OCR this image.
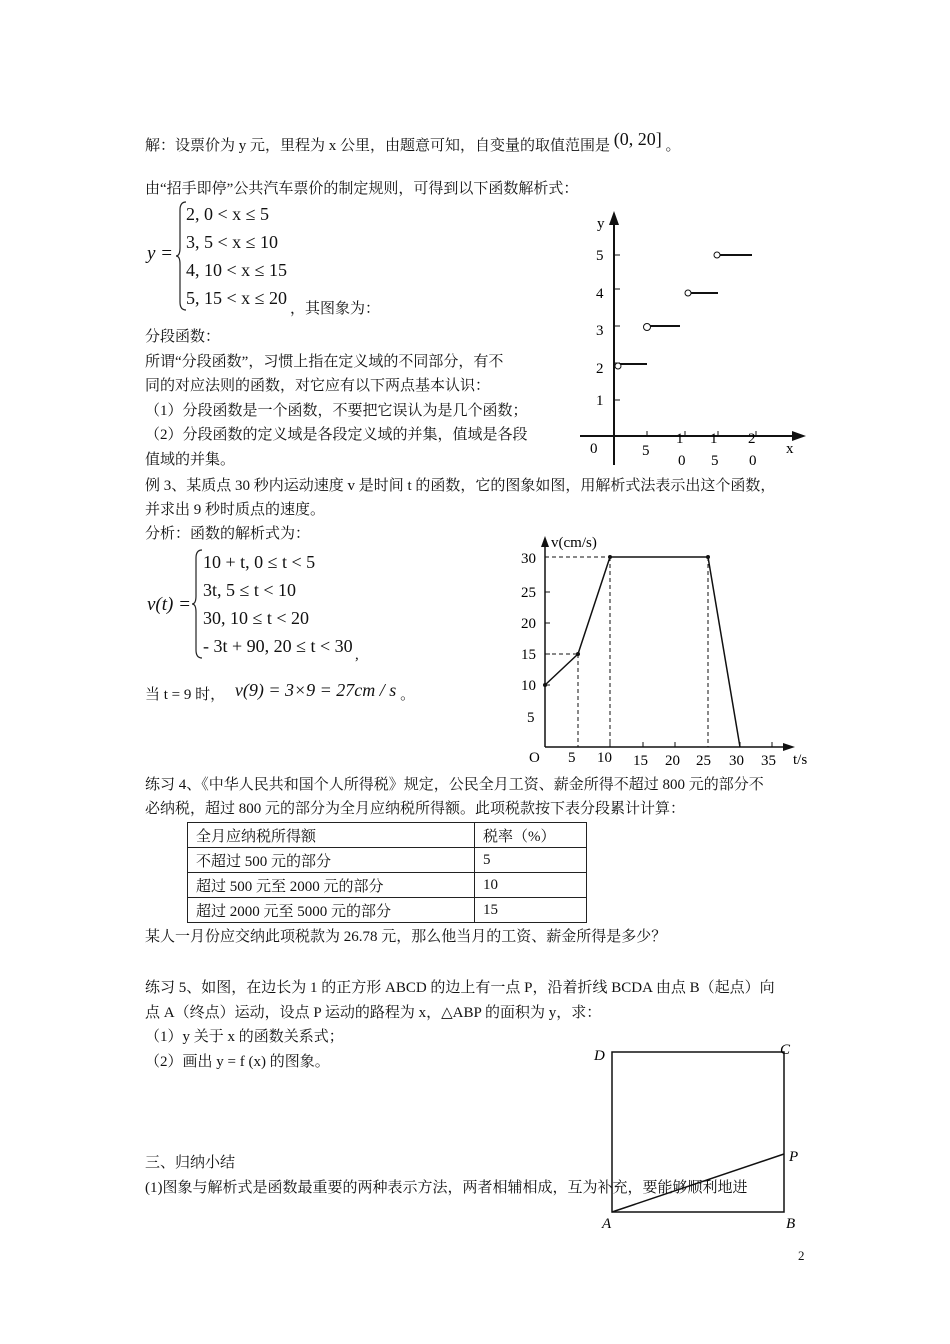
解：设票价为 y 元，里程为 x 公里，由题意可知，自变量的取值范围是 (0, 20] 。
由“招手即停”公共汽车票价的制定规则，可得到以下函数解析式：
y =
2, 0 < x ≤ 5
3, 5 < x ≤ 10
4, 10 < x ≤ 15
5, 15 < x ≤ 20
，其图象为：
y
x
1
2
3
4
5
0	5
1
0
1
5
2
0
分段函数：
所谓“分段函数”，习惯上指在定义域的不同部分，有不
同的对应法则的函数，对它应有以下两点基本认识：
（1）分段函数是一个函数，不要把它误认为是几个函数；
（2）分段函数的定义域是各段定义域的并集，值域是各段
值域的并集。
例 3、某质点 30 秒内运动速度 v 是时间 t 的函数，它的图象如图，用解析式法表示出这个函数，
并求出 9 秒时质点的速度。
分析：函数的解析式为：
v(t) =
10 + t, 0 ≤ t < 5
3t, 5 ≤ t < 10
30, 10 ≤ t < 20
- 3t + 90, 20 ≤ t < 30 ,
当 t = 9 时， v(9) = 3×9 = 27cm / s 。
v(cm/s)
t/s
O
5
10
15
20
25
30
5 10 15 20 25 30 35
练习 4、《中华人民共和国个人所得税》规定，公民全月工资、薪金所得不超过 800 元的部分不
必纳税，超过 800 元的部分为全月应纳税所得额。此项税款按下表分段累计计算：
全月应纳税所得额	税率（%）
不超过 500 元的部分	5
超过 500 元至 2000 元的部分	10
超过 2000 元至 5000 元的部分	15
某人一月份应交纳此项税款为 26.78 元，那么他当月的工资、薪金所得是多少？
练习 5、如图，在边长为 1 的正方形 ABCD 的边上有一点 P，沿着折线 BCDA 由点 B（起点）向
点 A（终点）运动，设点 P 运动的路程为 x，△ABP 的面积为 y，求：
（1）y 关于 x 的函数关系式；
（2）画出 y = f (x) 的图象。
三、归纳小结
(1)图象与解析式是函数最重要的两种表示方法，两者相辅相成，互为补充，要能够顺利地进
D	C
P
A	B
2
